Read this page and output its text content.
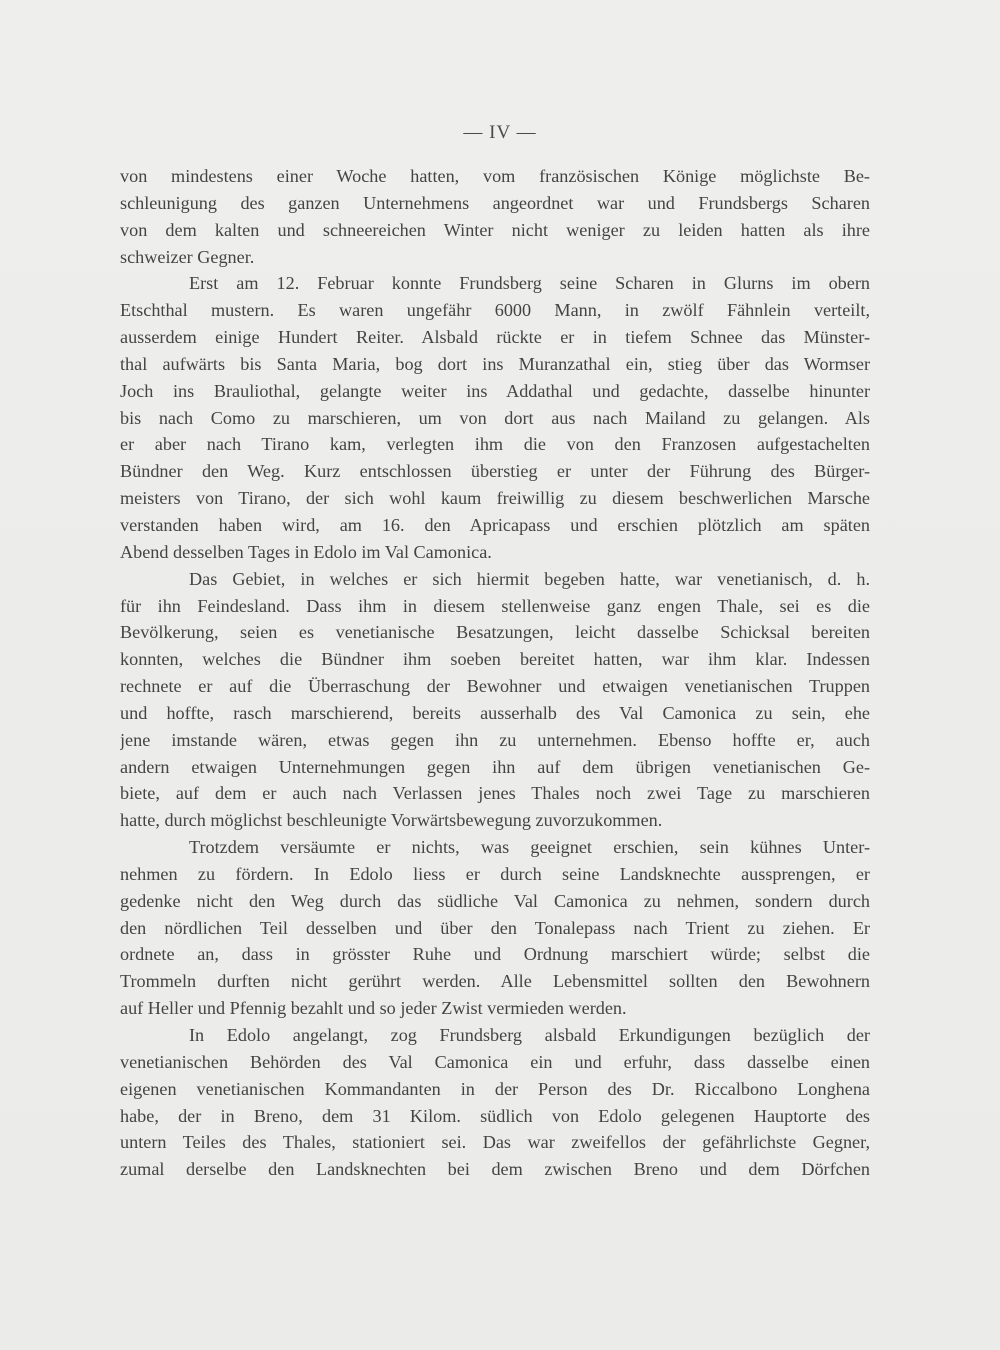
— IV —
von mindestens einer Woche hatten, vom französischen Könige möglichste Be-
schleunigung des ganzen Unternehmens angeordnet war und Frundsbergs Scharen
von dem kalten und schneereichen Winter nicht weniger zu leiden hatten als ihre
schweizer Gegner.
Erst am 12. Februar konnte Frundsberg seine Scharen in Glurns im obern
Etschthal mustern. Es waren ungefähr 6000 Mann, in zwölf Fähnlein verteilt,
ausserdem einige Hundert Reiter. Alsbald rückte er in tiefem Schnee das Münster-
thal aufwärts bis Santa Maria, bog dort ins Muranzathal ein, stieg über das Wormser
Joch ins Brauliothal, gelangte weiter ins Addathal und gedachte, dasselbe hinunter
bis nach Como zu marschieren, um von dort aus nach Mailand zu gelangen. Als
er aber nach Tirano kam, verlegten ihm die von den Franzosen aufgestachelten
Bündner den Weg. Kurz entschlossen überstieg er unter der Führung des Bürger-
meisters von Tirano, der sich wohl kaum freiwillig zu diesem beschwerlichen Marsche
verstanden haben wird, am 16. den Apricapass und erschien plötzlich am späten
Abend desselben Tages in Edolo im Val Camonica.
Das Gebiet, in welches er sich hiermit begeben hatte, war venetianisch, d. h.
für ihn Feindesland. Dass ihm in diesem stellenweise ganz engen Thale, sei es die
Bevölkerung, seien es venetianische Besatzungen, leicht dasselbe Schicksal bereiten
konnten, welches die Bündner ihm soeben bereitet hatten, war ihm klar. Indessen
rechnete er auf die Überraschung der Bewohner und etwaigen venetianischen Truppen
und hoffte, rasch marschierend, bereits ausserhalb des Val Camonica zu sein, ehe
jene imstande wären, etwas gegen ihn zu unternehmen. Ebenso hoffte er, auch
andern etwaigen Unternehmungen gegen ihn auf dem übrigen venetianischen Ge-
biete, auf dem er auch nach Verlassen jenes Thales noch zwei Tage zu marschieren
hatte, durch möglichst beschleunigte Vorwärtsbewegung zuvorzukommen.
Trotzdem versäumte er nichts, was geeignet erschien, sein kühnes Unter-
nehmen zu fördern. In Edolo liess er durch seine Landsknechte aussprengen, er
gedenke nicht den Weg durch das südliche Val Camonica zu nehmen, sondern durch
den nördlichen Teil desselben und über den Tonalepass nach Trient zu ziehen. Er
ordnete an, dass in grösster Ruhe und Ordnung marschiert würde; selbst die
Trommeln durften nicht gerührt werden. Alle Lebensmittel sollten den Bewohnern
auf Heller und Pfennig bezahlt und so jeder Zwist vermieden werden.
In Edolo angelangt, zog Frundsberg alsbald Erkundigungen bezüglich der
venetianischen Behörden des Val Camonica ein und erfuhr, dass dasselbe einen
eigenen venetianischen Kommandanten in der Person des Dr. Riccalbono Longhena
habe, der in Breno, dem 31 Kilom. südlich von Edolo gelegenen Hauptorte des
untern Teiles des Thales, stationiert sei. Das war zweifellos der gefährlichste Gegner,
zumal derselbe den Landsknechten bei dem zwischen Breno und dem Dörfchen
